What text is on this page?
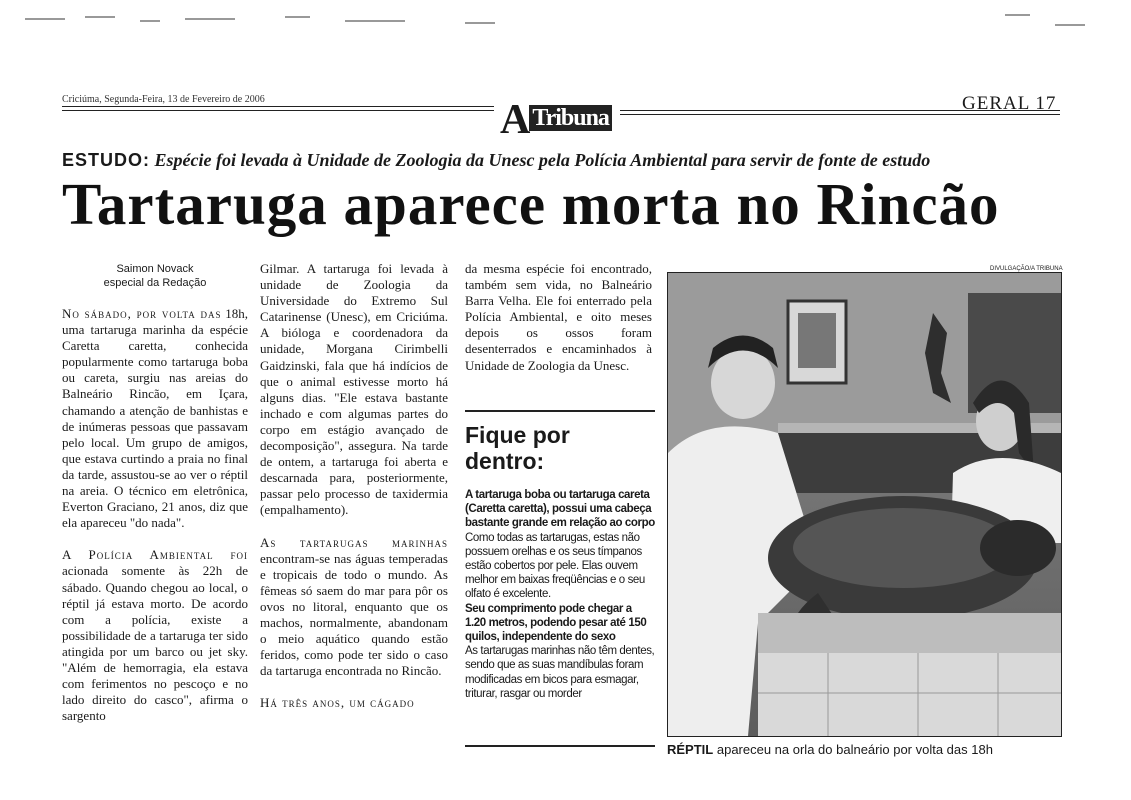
Criciúma, Segunda-Feira, 13 de Fevereiro de 2006	A Tribuna
GERAL 17
ESTUDO: Espécie foi levada à Unidade de Zoologia da Unesc pela Polícia Ambiental para servir de fonte de estudo
Tartaruga aparece morta no Rincão
Saimon Novack
especial da Redação

No sábado, por volta das 18h, uma tartaruga marinha da espécie Caretta caretta, conhecida popularmente como tartaruga boba ou careta, surgiu nas areias do Balneário Rincão, em Içara, chamando a atenção de banhistas e de inúmeras pessoas que passavam pelo local. Um grupo de amigos, que estava curtindo a praia no final da tarde, assustou-se ao ver o réptil na areia. O técnico em eletrônica, Everton Graciano, 21 anos, diz que ela apareceu "do nada".

A Polícia Ambiental foi acionada somente às 22h de sábado. Quando chegou ao local, o réptil já estava morto. De acordo com a polícia, existe a possibilidade de a tartaruga ter sido atingida por um barco ou jet sky. "Além de hemorragia, ela estava com ferimentos no pescoço e no lado direito do casco", afirma o sargento

Gilmar. A tartaruga foi levada à unidade de Zoologia da Universidade do Extremo Sul Catarinense (Unesc), em Criciúma. A bióloga e coordenadora da unidade, Morgana Cirimbelli Gaidzinski, fala que há indícios de que o animal estivesse morto há alguns dias. "Ele estava bastante inchado e com algumas partes do corpo em estágio avançado de decomposição", assegura. Na tarde de ontem, a tartaruga foi aberta e descarnada para, posteriormente, passar pelo processo de taxidermia (empalhamento).

As tartarugas marinhas encontram-se nas águas temperadas e tropicais de todo o mundo. As fêmeas só saem do mar para pôr os ovos no litoral, enquanto que os machos, normalmente, abandonam o meio aquático quando estão feridos, como pode ter sido o caso da tartaruga encontrada no Rincão.

Há três anos, um cágado

da mesma espécie foi encontrado, também sem vida, no Balneário Barra Velha. Ele foi enterrado pela Polícia Ambiental, e oito meses depois os ossos foram desenterrados e encaminhados à Unidade de Zoologia da Unesc.

Fique por dentro:

A tartaruga boba ou tartaruga careta (Caretta caretta), possui uma cabeça bastante grande em relação ao corpo

Como todas as tartarugas, estas não possuem orelhas e os seus tímpanos estão cobertos por pele. Elas ouvem melhor em baixas freqüências e o seu olfato é excelente.

Seu comprimento pode chegar a 1.20 metros, podendo pesar até 150 quilos, independente do sexo

As tartarugas marinhas não têm dentes, sendo que as suas mandíbulas foram modificadas em bicos para esmagar, triturar, rasgar ou morder

DIVULGAÇÃO/A TRIBUNA
RÉPTIL apareceu na orla do balneário por volta das 18h
